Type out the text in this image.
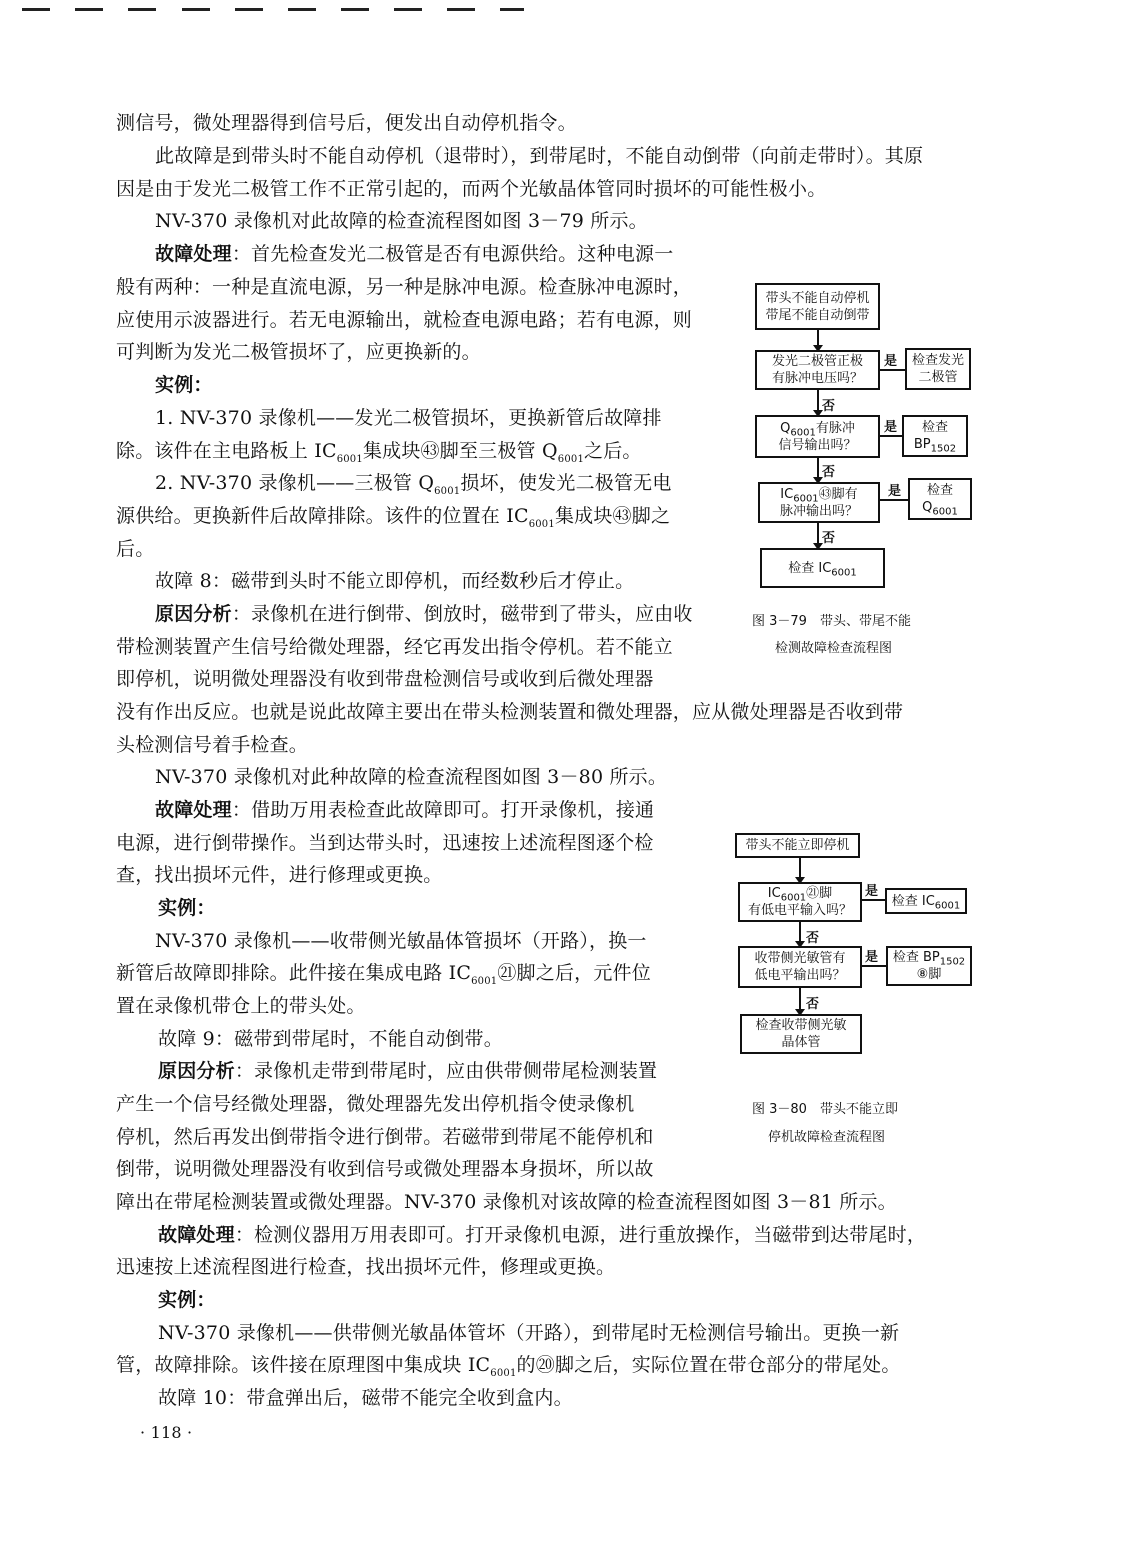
测信号，微处理器得到信号后，便发出自动停机指令。
此故障是到带头时不能自动停机（退带时），到带尾时，不能自动倒带（向前走带时）。其原
因是由于发光二极管工作不正常引起的，而两个光敏晶体管同时损坏的可能性极小。
NV-370 录像机对此故障的检查流程图如图 3－79 所示。
故障处理：首先检查发光二极管是否有电源供给。这种电源一
般有两种：一种是直流电源，另一种是脉冲电源。检查脉冲电源时，
应使用示波器进行。若无电源输出，就检查电源电路；若有电源，则
可判断为发光二极管损坏了，应更换新的。
实例：
1. NV-370 录像机——发光二极管损坏，更换新管后故障排
除。该件在主电路板上 $IC_{6001}$集成块㊸脚至三极管 $Q_{6001}$之后。
2. NV-370 录像机——三极管 $Q_{6001}$损坏，使发光二极管无电
源供给。更换新件后故障排除。该件的位置在 $IC_{6001}$集成块㊸脚之
后。
故障 8：磁带到头时不能立即停机，而经数秒后才停止。
原因分析：录像机在进行倒带、倒放时，磁带到了带头，应由收
带检测装置产生信号给微处理器，经它再发出指令停机。若不能立
即停机，说明微处理器没有收到带盘检测信号或收到后微处理器
没有作出反应。也就是说此故障主要出在带头检测装置和微处理器，应从微处理器是否收到带
头检测信号着手检查。
NV-370 录像机对此种故障的检查流程图如图 3－80 所示。
故障处理：借助万用表检查此故障即可。打开录像机，接通
电源，进行倒带操作。当到达带头时，迅速按上述流程图逐个检
查，找出损坏元件，进行修理或更换。
实例：
NV-370 录像机——收带侧光敏晶体管损坏（开路），换一
新管后故障即排除。此件接在集成电路 $IC_{6001}㉑$脚之后，元件位
置在录像机带仓上的带头处。
故障 9：磁带到带尾时，不能自动倒带。
原因分析：录像机走带到带尾时，应由供带侧带尾检测装置
产生一个信号经微处理器，微处理器先发出停机指令使录像机
停机，然后再发出倒带指令进行倒带。若磁带到带尾不能停机和
倒带，说明微处理器没有收到信号或微处理器本身损坏，所以故
障出在带尾检测装置或微处理器。NV-370 录像机对该故障的检查流程图如图 3－81 所示。
故障处理：检测仪器用万用表即可。打开录像机电源，进行重放操作，当磁带到达带尾时，
迅速按上述流程图进行检查，找出损坏元件，修理或更换。
实例：
NV-370 录像机——供带侧光敏晶体管坏（开路），到带尾时无检测信号输出。更换一新
管，故障排除。该件接在原理图中集成块 $IC_{6001}$的⑳脚之后，实际位置在带仓部分的带尾处。
故障 10：带盒弹出后，磁带不能完全收到盒内。
· 118 ·
带头不能自动停机
带尾不能自动倒带
发光二极管正极
有脉冲电压吗？
检查发光
二极管
$Q_{6001}$有脉冲
信号输出吗？
检查
$BP_{1502}$
$IC_{6001}㊸$脚有
脉冲输出吗？
检查
$Q_{6001}$
检查 $IC_{6001}$
是
是
是
否
否
否
图 3－79　带头、带尾不能
检测故障检查流程图
带头不能立即停机
$IC_{6001}㉑$脚
有低电平输入吗？
检查 $IC_{6001}$
收带侧光敏管有
低电平输出吗？
检查 $BP_{1502}$
⑧脚
检查收带侧光敏
晶体管
是
是
否
否
图 3－80　带头不能立即
停机故障检查流程图
